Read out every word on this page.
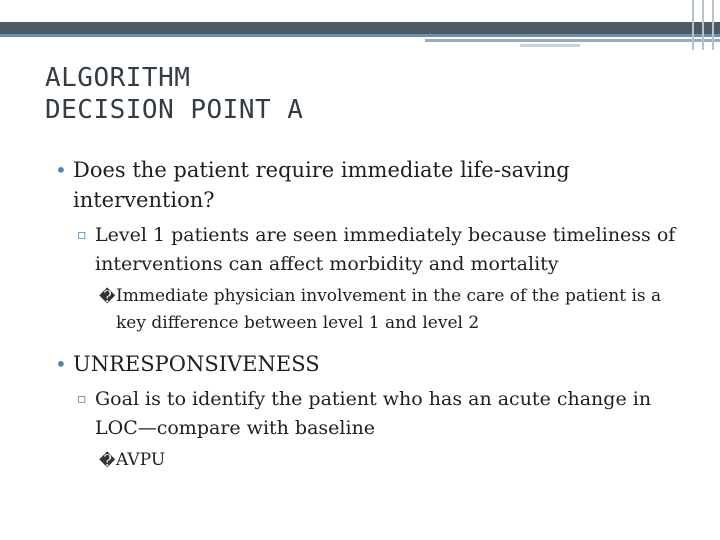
ALGORITHM
DECISION POINT A
• Does the patient require immediate life-saving intervention?
▫ Level 1 patients are seen immediately because timeliness of interventions can affect morbidity and mortality
� Immediate physician involvement in the care of the patient is a key difference between level 1 and level 2
• UNRESPONSIVENESS
▫ Goal is to identify the patient who has an acute change in LOC—compare with baseline
� AVPU
